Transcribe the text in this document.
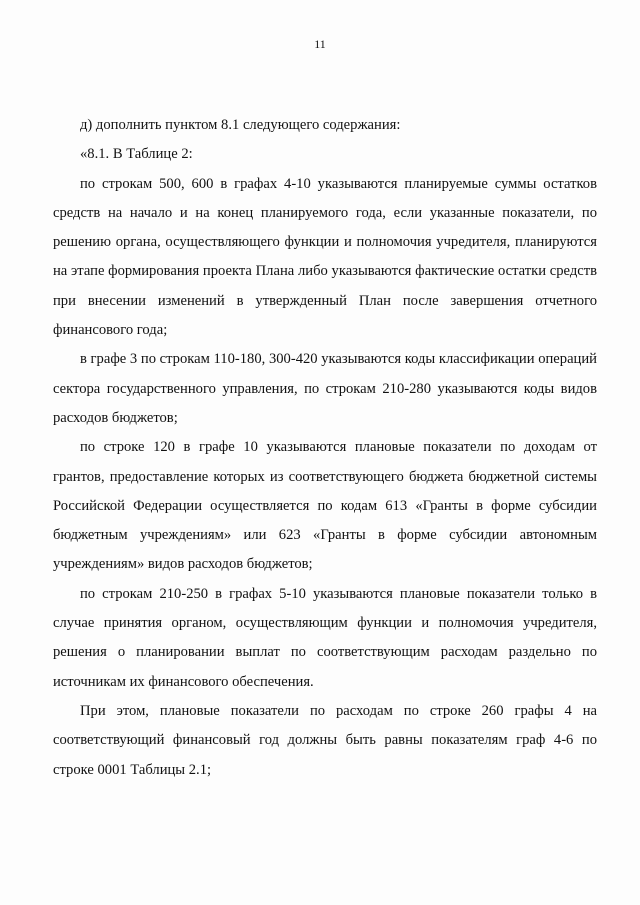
11

д) дополнить пунктом 8.1 следующего содержания:

«8.1. В Таблице 2:

по строкам 500, 600 в графах 4-10 указываются планируемые суммы остатков средств на начало и на конец планируемого года, если указанные показатели, по решению органа, осуществляющего функции и полномочия учредителя, планируются на этапе формирования проекта Плана либо указываются фактические остатки средств при внесении изменений в утвержденный План после завершения отчетного финансового года;

в графе 3 по строкам 110-180, 300-420 указываются коды классификации операций сектора государственного управления, по строкам 210-280 указываются коды видов расходов бюджетов;

по строке 120 в графе 10 указываются плановые показатели по доходам от грантов, предоставление которых из соответствующего бюджета бюджетной системы Российской Федерации осуществляется по кодам 613 «Гранты в форме субсидии бюджетным учреждениям» или 623 «Гранты в форме субсидии автономным учреждениям» видов расходов бюджетов;

по строкам 210-250 в графах 5-10 указываются плановые показатели только в случае принятия органом, осуществляющим функции и полномочия учредителя, решения о планировании выплат по соответствующим расходам раздельно по источникам их финансового обеспечения.

При этом, плановые показатели по расходам по строке 260 графы 4 на соответствующий финансовый год должны быть равны показателям граф 4-6 по строке 0001 Таблицы 2.1;
